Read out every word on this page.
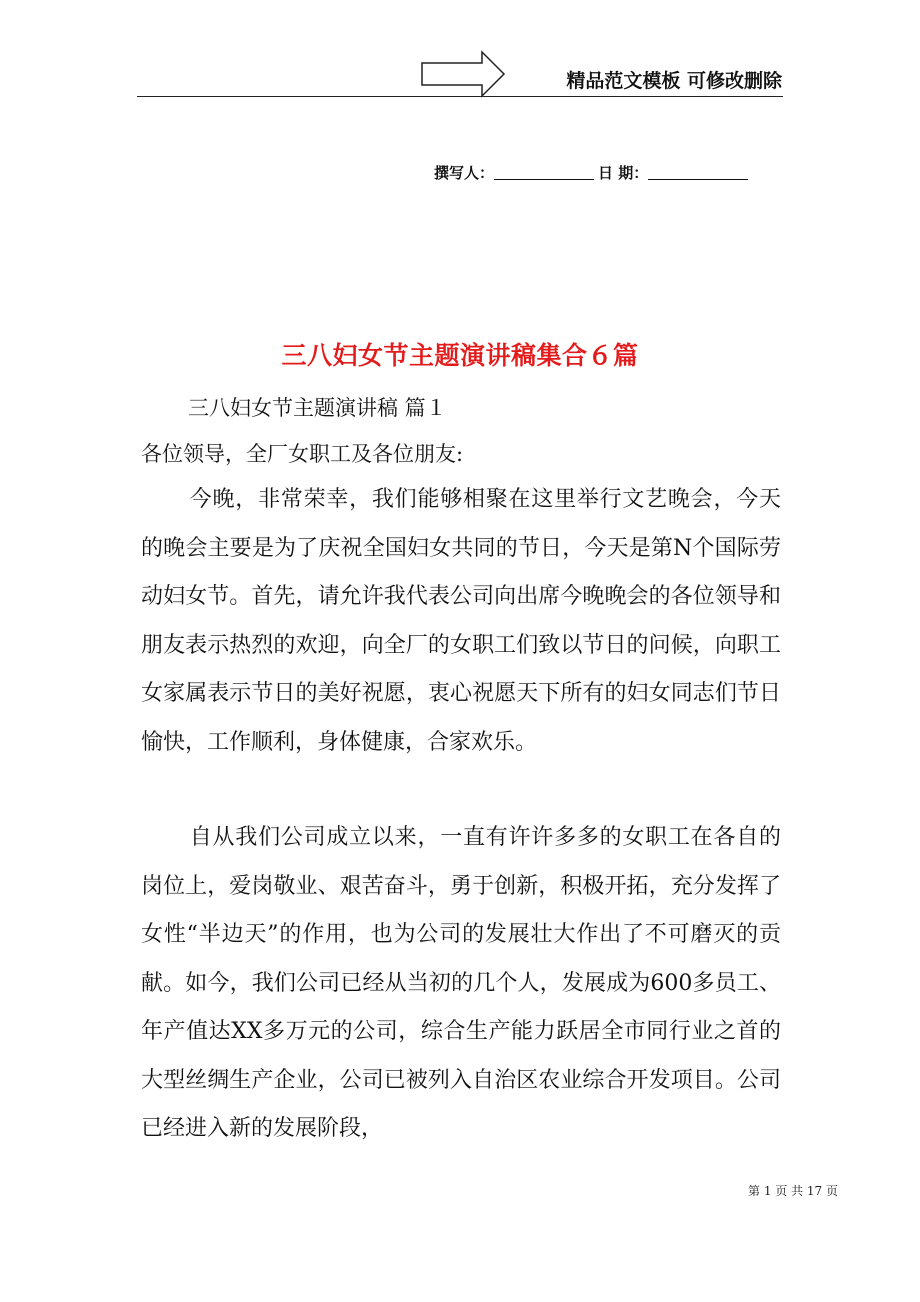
精品范文模板 可修改删除
撰写人：	日 期：
三八妇女节主题演讲稿集合６篇
三八妇女节主题演讲稿 篇１
各位领导，全厂女职工及各位朋友:
今晚，非常荣幸，我们能够相聚在这里举行文艺晚会，今天的晚会主要是为了庆祝全国妇女共同的节日，今天是第N个国际劳动妇女节。首先，请允许我代表公司向出席今晚晚会的各位领导和朋友表示热烈的欢迎，向全厂的女职工们致以节日的问候，向职工女家属表示节日的美好祝愿，衷心祝愿天下所有的妇女同志们节日愉快，工作顺利，身体健康，合家欢乐。
自从我们公司成立以来，一直有许许多多的女职工在各自的岗位上，爱岗敬业、艰苦奋斗，勇于创新，积极开拓，充分发挥了女性“半边天”的作用，也为公司的发展壮大作出了不可磨灭的贡献。如今，我们公司已经从当初的几个人，发展成为600多员工、年产值达XX多万元的公司，综合生产能力跃居全市同行业之首的大型丝绸生产企业，公司已被列入自治区农业综合开发项目。公司已经进入新的发展阶段，
第 1 页 共 17 页
